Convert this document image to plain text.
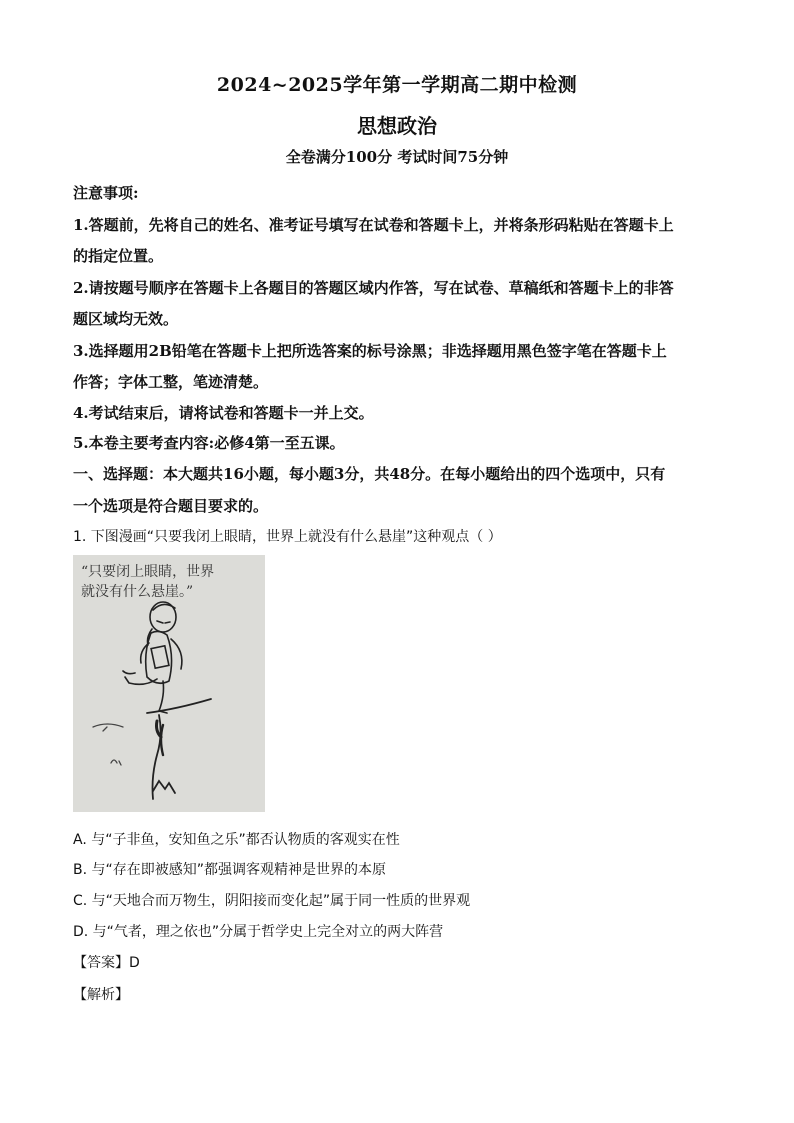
2024~2025学年第一学期高二期中检测
思想政治
全卷满分100分 考试时间75分钟
注意事项:
1.答题前，先将自己的姓名、准考证号填写在试卷和答题卡上，并将条形码粘贴在答题卡上
的指定位置。
2.请按题号顺序在答题卡上各题目的答题区域内作答，写在试卷、草稿纸和答题卡上的非答
题区域均无效。
3.选择题用2B铅笔在答题卡上把所选答案的标号涂黑；非选择题用黑色签字笔在答题卡上
作答；字体工整，笔迹清楚。
4.考试结束后，请将试卷和答题卡一并上交。
5.本卷主要考查内容:必修4第一至五课。
一、选择题：本大题共16小题，每小题3分，共48分。在每小题给出的四个选项中，只有
一个选项是符合题目要求的。
1. 下图漫画“只要我闭上眼睛，世界上就没有什么悬崖”这种观点（ ）
“只要闭上眼睛，世界
就没有什么悬崖。”
A. 与“子非鱼，安知鱼之乐”都否认物质的客观实在性
B. 与“存在即被感知”都强调客观精神是世界的本原
C. 与“天地合而万物生，阴阳接而变化起”属于同一性质的世界观
D. 与“气者，理之依也”分属于哲学史上完全对立的两大阵营
【答案】D
【解析】
